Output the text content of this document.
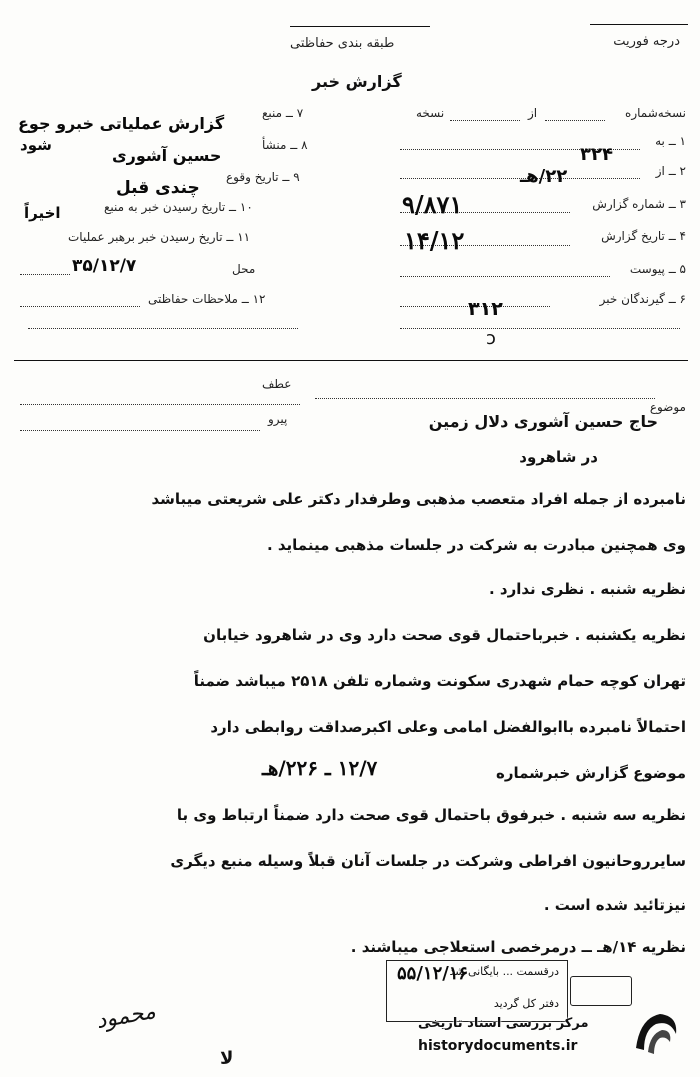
درجه فوریت
طبقه بندی حفاظتی
گزارش خبر
نسخه‌شماره
از
نسخه
۱ ــ به
۳۲۴
۲ ــ از
۲۲/هـ
۳ ــ شماره گزارش
۹/۸۷۱
۴ ــ تاریخ گزارش
۱۴/۱۲
۵ ــ پیوست
۶ ــ گیرندگان خبر
۳۱۲
۷ ــ منبع
گزارش عملیاتی خبرو جوع
شود	۸ ــ منشأ
حسین آشوری
۹ ــ تاریخ وقوع
چندی قبل
۱۰ ــ تاریخ رسیدن خبر به منبع
اخیراً
۱۱ ــ تاریخ رسیدن خبر برهبر عملیات
محل
۳۵/۱۲/۷
۱۲ ــ ملاحظات حفاظتی
ↄ
عطف
موضوع
حاج حسین آشوری دلال زمین
پیرو
در شاهرود
نامبرده از جمله افراد متعصب مذهبی وطرفدار دکتر علی شریعتی میباشد
وی همچنین مبادرت به شرکت در جلسات مذهبی مینماید .
نظریه شنبه . نظری ندارد .
نظریه یکشنبه . خبرباحتمال قوی صحت دارد وی در شاهرود خیابان
تهران کوچه حمام شهدری سکونت وشماره تلفن ۲۵۱۸ میباشد ضمناً
احتمالاً نامبرده باابوالفضل امامی وعلی اکبرصداقت روابطی دارد
موضوع گزارش خبرشماره
۱۲/۷ ـ ۲۲۶/هـ
نظریه سه شنبه . خبرفوق باحتمال قوی صحت دارد ضمناً ارتباط وی با
سایرروحانیون افراطی وشرکت در جلسات آنان قبلاً وسیله منبع دیگری
نیزتائید شده است .
نظریه ۱۴/هـ ــ درمرخصی استعلاجی میباشند .
درقسمت ... بایگانی شد
۵۵/۱۲/۱۶
دفتر کل گردید
محمود
ﻻ
مرکز بررسی اسناد تاریخی
historydocuments.ir
